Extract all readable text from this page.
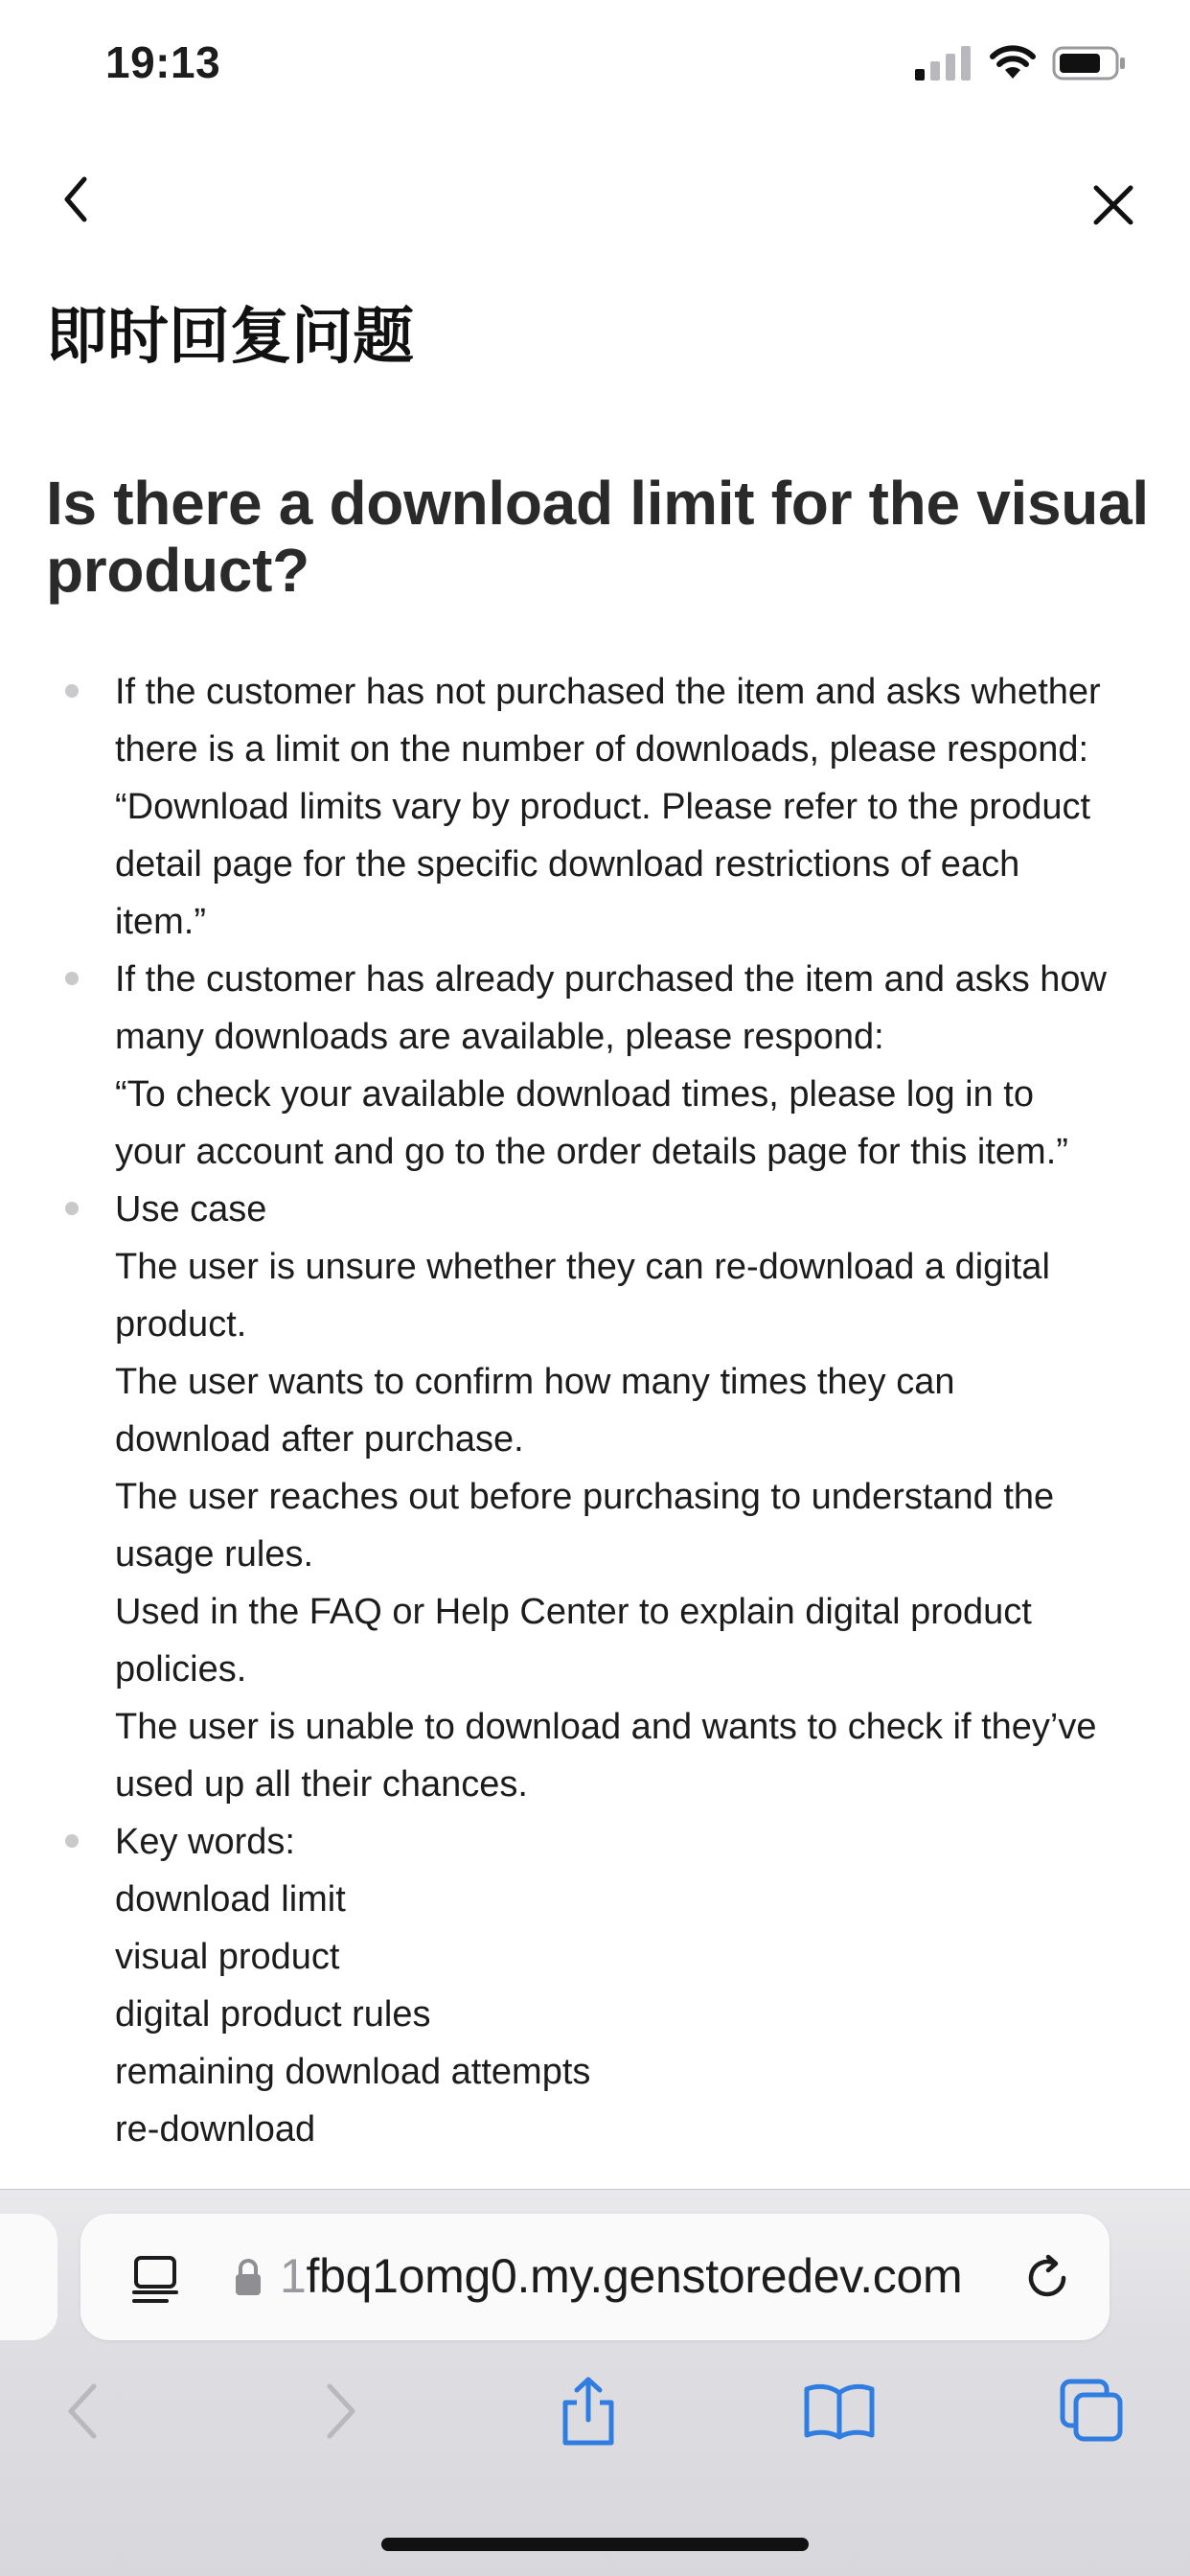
19:13
即时回复问题
Is there a download limit for the visual product?
If the customer has not purchased the item and asks whether
there is a limit on the number of downloads, please respond:
“Download limits vary by product. Please refer to the product
detail page for the specific download restrictions of each
item.”
If the customer has already purchased the item and asks how
many downloads are available, please respond:
“To check your available download times, please log in to
your account and go to the order details page for this item.”
Use case
The user is unsure whether they can re-download a digital
product.
The user wants to confirm how many times they can
download after purchase.
The user reaches out before purchasing to understand the
usage rules.
Used in the FAQ or Help Center to explain digital product
policies.
The user is unable to download and wants to check if they’ve
used up all their chances.
Key words:
download limit
visual product
digital product rules
remaining download attempts
re-download
1fbq1omg0.my.genstoredev.com
